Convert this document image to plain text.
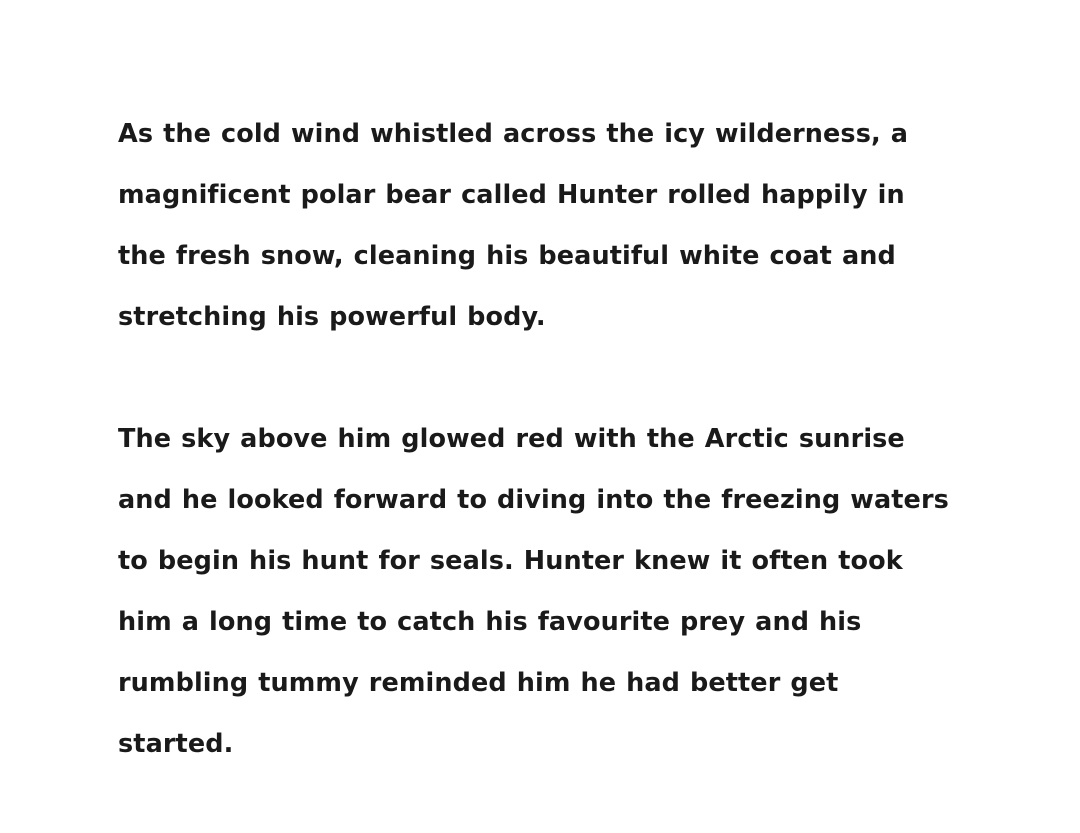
As the cold wind whistled across the icy wilderness, a magnificent polar bear called Hunter rolled happily in the fresh snow, cleaning his beautiful white coat and stretching his powerful body.

The sky above him glowed red with the Arctic sunrise and he looked forward to diving into the freezing waters to begin his hunt for seals. Hunter knew it often took him a long time to catch his favourite prey and his rumbling tummy reminded him he had better get started.
